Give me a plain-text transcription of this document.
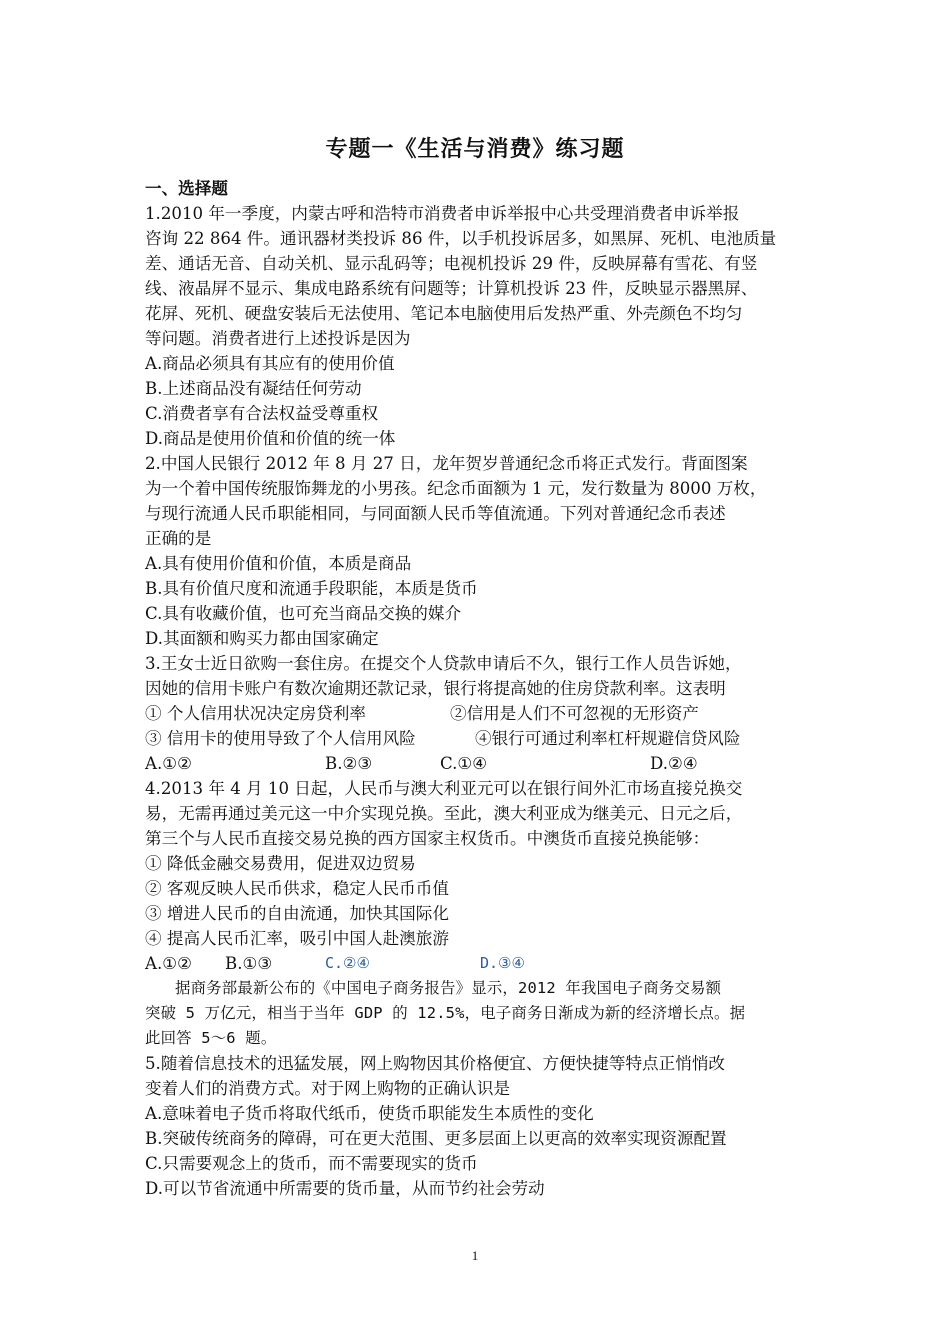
专题一《生活与消费》练习题
一、选择题
1.2010 年一季度，内蒙古呼和浩特市消费者申诉举报中心共受理消费者申诉举报
咨询 22 864 件。通讯器材类投诉 86 件，以手机投诉居多，如黑屏、死机、电池质量
差、通话无音、自动关机、显示乱码等；电视机投诉 29 件，反映屏幕有雪花、有竖
线、液晶屏不显示、集成电路系统有问题等；计算机投诉 23 件，反映显示器黑屏、
花屏、死机、硬盘安装后无法使用、笔记本电脑使用后发热严重、外壳颜色不均匀
等问题。消费者进行上述投诉是因为
A.商品必须具有其应有的使用价值
B.上述商品没有凝结任何劳动
C.消费者享有合法权益受尊重权
D.商品是使用价值和价值的统一体
2.中国人民银行 2012 年 8 月 27 日，龙年贺岁普通纪念币将正式发行。背面图案
为一个着中国传统服饰舞龙的小男孩。纪念币面额为 1 元，发行数量为 8000 万枚，
与现行流通人民币职能相同，与同面额人民币等值流通。下列对普通纪念币表述
正确的是
A.具有使用价值和价值，本质是商品
B.具有价值尺度和流通手段职能，本质是货币
C.具有收藏价值，也可充当商品交换的媒介
D.其面额和购买力都由国家确定
3.王女士近日欲购一套住房。在提交个人贷款申请后不久，银行工作人员告诉她，
因她的信用卡账户有数次逾期还款记录，银行将提高她的住房贷款利率。这表明
① 个人信用状况决定房贷利率	②信用是人们不可忽视的无形资产
③ 信用卡的使用导致了个人信用风险	④银行可通过利率杠杆规避信贷风险
A.①②	B.②③	C.①④	D.②④
4.2013 年 4 月 10 日起，人民币与澳大利亚元可以在银行间外汇市场直接兑换交
易，无需再通过美元这一中介实现兑换。至此，澳大利亚成为继美元、日元之后，
第三个与人民币直接交易兑换的西方国家主权货币。中澳货币直接兑换能够：
① 降低金融交易费用，促进双边贸易
② 客观反映人民币供求，稳定人民币币值
③ 增进人民币的自由流通，加快其国际化
④ 提高人民币汇率，吸引中国人赴澳旅游
A.①②	B.①③	C.②④	D.③④
据商务部最新公布的《中国电子商务报告》显示，2012 年我国电子商务交易额
突破 5 万亿元，相当于当年 GDP 的 12.5%，电子商务日渐成为新的经济增长点。据
此回答 5～6 题。
5.随着信息技术的迅猛发展，网上购物因其价格便宜、方便快捷等特点正悄悄改
变着人们的消费方式。对于网上购物的正确认识是
A.意味着电子货币将取代纸币，使货币职能发生本质性的变化
B.突破传统商务的障碍，可在更大范围、更多层面上以更高的效率实现资源配置
C.只需要观念上的货币，而不需要现实的货币
D.可以节省流通中所需要的货币量，从而节约社会劳动
1
